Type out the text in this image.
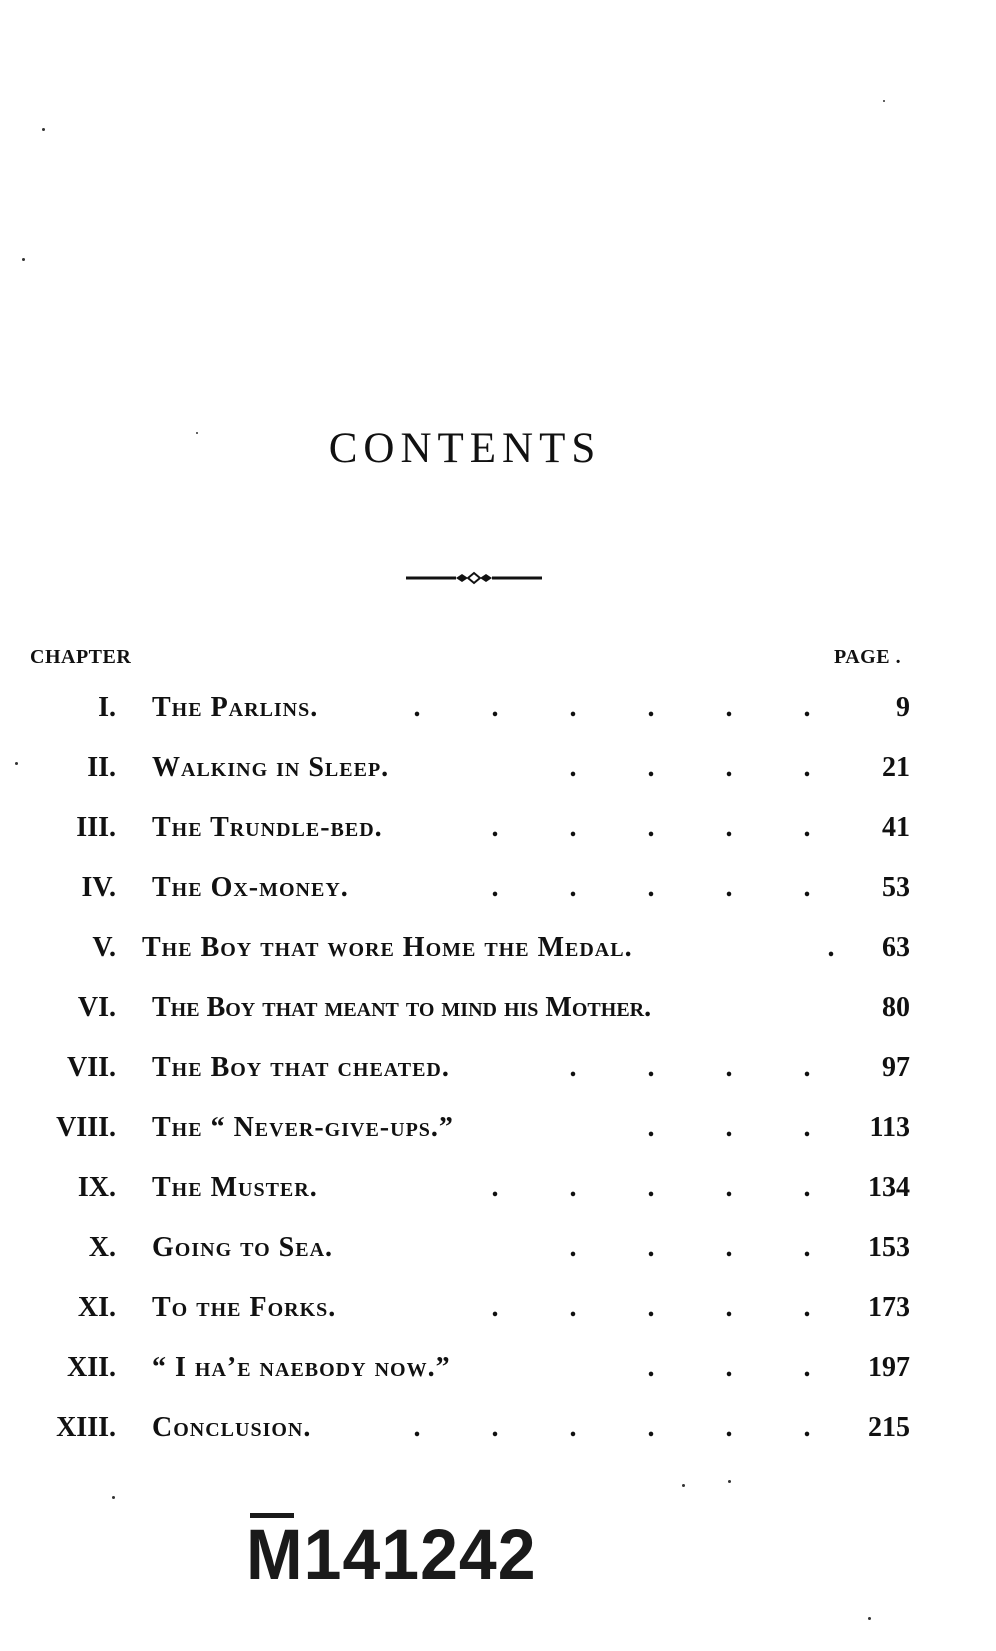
CONTENTS
CHAPTER	PAGE .
I. The Parlins.	.	.	.	.	.	.	9
II. Walking in Sleep.	.	.	.	.	21
III. The Trundle-bed.	.	.	.	.	.	41
IV. The Ox-money.	.	.	.	.	.	53
V. The Boy that wore Home the Medal.	.	63
VI. The Boy that meant to mind his Mother.	80
VII. The Boy that cheated.	.	.	.	.	97
VIII. The “ Never-give-ups.”	.	.	.	113
IX. The Muster.	.	.	.	.	.	134
X. Going to Sea.	.	.	.	.	153
XI. To the Forks.	.	.	.	.	.	173
XII. “ I ha’e naebody now.”	.	.	.	197
XIII. Conclusion.	.	.	.	.	.	.	215
M141242
